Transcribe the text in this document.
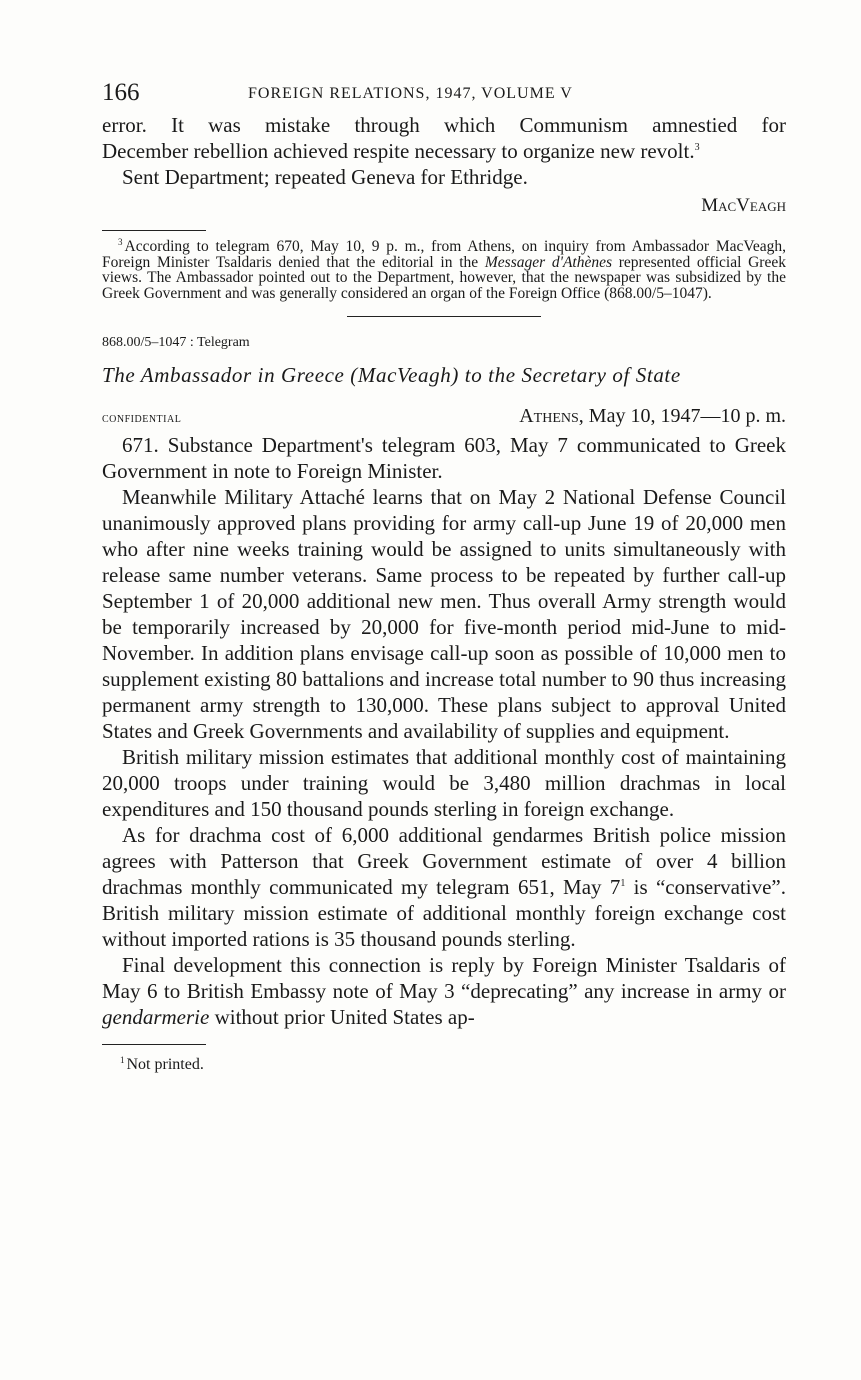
166	FOREIGN RELATIONS, 1947, VOLUME V

error. It was mistake through which Communism amnestied for

December rebellion achieved respite necessary to organize new revolt.$^3$

Sent Department; repeated Geneva for Ethridge.

MacVeagh

$^3$ According to telegram 670, May 10, 9 p. m., from Athens, on inquiry from Ambassador MacVeagh, Foreign Minister Tsaldaris denied that the editorial in the Messager d'Athènes represented official Greek views. The Ambassador pointed out to the Department, however, that the newspaper was subsidized by the Greek Government and was generally considered an organ of the Foreign Office (868.00/5–1047).

868.00/5–1047 : Telegram
The Ambassador in Greece (MacVeagh) to the Secretary of State
confidential	Athens, May 10, 1947—10 p. m.

671. Substance Department's telegram 603, May 7 communicated to Greek Government in note to Foreign Minister.

Meanwhile Military Attaché learns that on May 2 National Defense Council unanimously approved plans providing for army call-up June 19 of 20,000 men who after nine weeks training would be assigned to units simultaneously with release same number veterans. Same process to be repeated by further call-up September 1 of 20,000 additional new men. Thus overall Army strength would be temporarily increased by 20,000 for five-month period mid-June to mid-November. In addition plans envisage call-up soon as possible of 10,000 men to supplement existing 80 battalions and increase total number to 90 thus increasing permanent army strength to 130,000. These plans subject to approval United States and Greek Governments and availability of supplies and equipment.

British military mission estimates that additional monthly cost of maintaining 20,000 troops under training would be 3,480 million drachmas in local expenditures and 150 thousand pounds sterling in foreign exchange.

As for drachma cost of 6,000 additional gendarmes British police mission agrees with Patterson that Greek Government estimate of over 4 billion drachmas monthly communicated my telegram 651, May $7^1$ is “conservative”. British military mission estimate of additional monthly foreign exchange cost without imported rations is 35 thousand pounds sterling.

Final development this connection is reply by Foreign Minister Tsaldaris of May 6 to British Embassy note of May 3 “deprecating” any increase in army or gendarmerie without prior United States ap-

$^1$ Not printed.
